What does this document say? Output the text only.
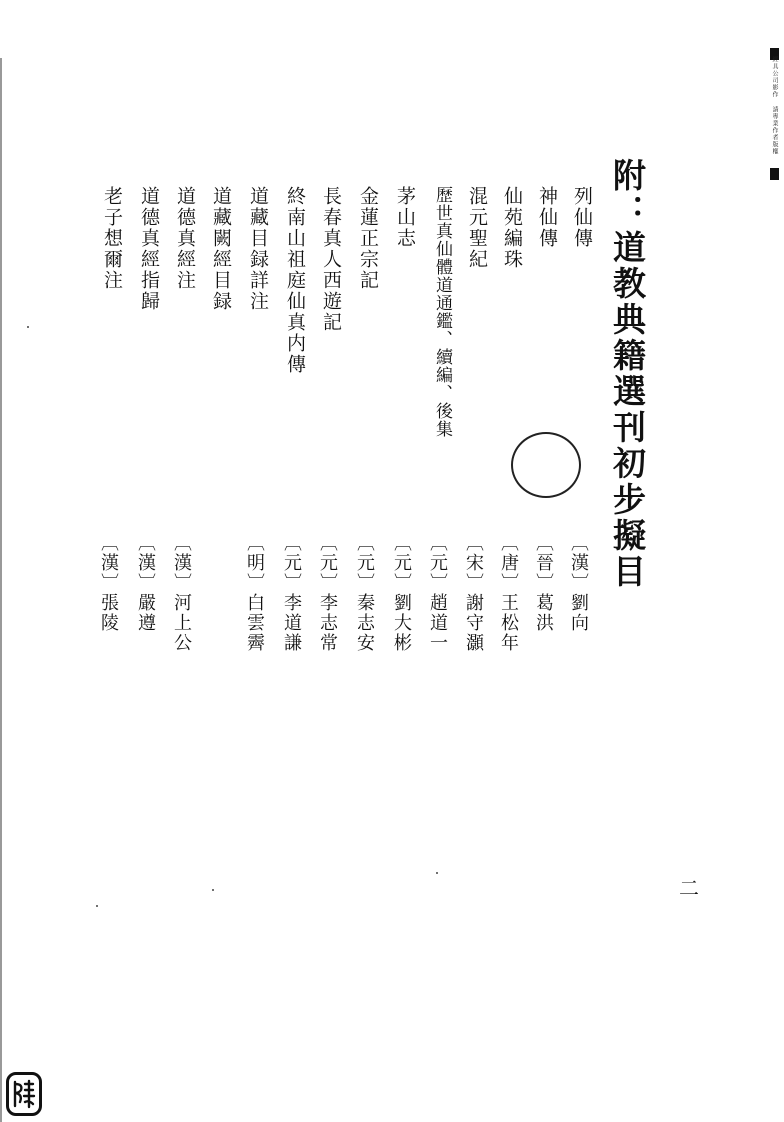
附：道教典籍選刊初步擬目
列仙傳
〔漢〕劉向
神仙傳
〔晉〕葛洪
仙苑編珠
〔唐〕王松年
混元聖紀
〔宋〕謝守灝
歷世真仙體道通鑑、續編、後集
〔元〕趙道一
茅山志
〔元〕劉大彬
金蓮正宗記
〔元〕秦志安
長春真人西遊記
〔元〕李志常
終南山祖庭仙真内傳
〔元〕李道謙
道藏目録詳注
〔明〕白雲霽
道藏闕經目録
道德真經注
〔漢〕河上公
道德真經指歸
〔漢〕嚴遵
老子想爾注
〔漢〕張陵
二
經具公司影作 請專業作者版權
